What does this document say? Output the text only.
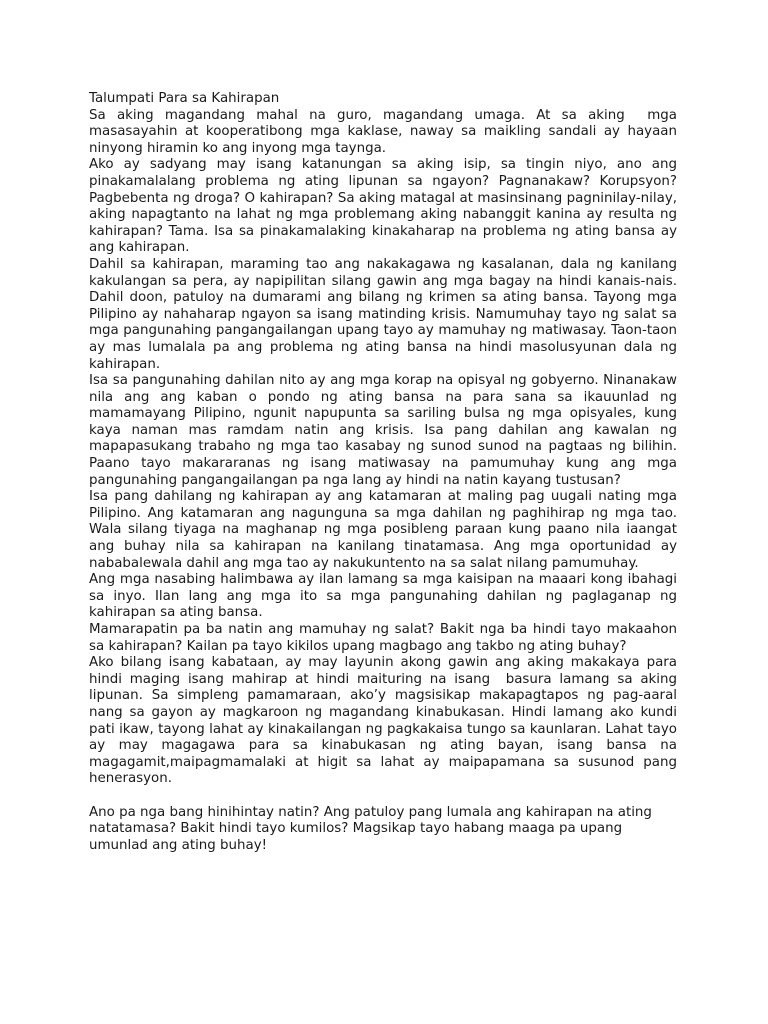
Talumpati Para sa Kahirapan

Sa aking magandang mahal na guro, magandang umaga. At sa aking  mga masasayahin at kooperatibong mga kaklase, naway sa maikling sandali ay hayaan ninyong hiramin ko ang inyong mga taynga.

Ako ay sadyang may isang katanungan sa aking isip, sa tingin niyo, ano ang pinakamalalang problema ng ating lipunan sa ngayon? Pagnanakaw? Korupsyon? Pagbebenta ng droga? O kahirapan? Sa aking matagal at masinsinang pagninilay-nilay, aking napagtanto na lahat ng mga problemang aking nabanggit kanina ay resulta ng kahirapan? Tama. Isa sa pinakamalaking kinakaharap na problema ng ating bansa ay ang kahirapan.

Dahil sa kahirapan, maraming tao ang nakakagawa ng kasalanan, dala ng kanilang kakulangan sa pera, ay napipilitan silang gawin ang mga bagay na hindi kanais-nais. Dahil doon, patuloy na dumarami ang bilang ng krimen sa ating bansa. Tayong mga Pilipino ay nahaharap ngayon sa isang matinding krisis. Namumuhay tayo ng salat sa mga pangunahing pangangailangan upang tayo ay mamuhay ng matiwasay. Taon-taon ay mas lumalala pa ang problema ng ating bansa na hindi masolusyunan dala ng kahirapan.

Isa sa pangunahing dahilan nito ay ang mga korap na opisyal ng gobyerno. Ninanakaw nila ang ang kaban o pondo ng ating bansa na para sana sa ikauunlad ng mamamayang Pilipino, ngunit napupunta sa sariling bulsa ng mga opisyales, kung kaya naman mas ramdam natin ang krisis. Isa pang dahilan ang kawalan ng mapapasukang trabaho ng mga tao kasabay ng sunod sunod na pagtaas ng bilihin. Paano tayo makararanas ng isang matiwasay na pamumuhay kung ang mga pangunahing pangangailangan pa nga lang ay hindi na natin kayang tustusan?

Isa pang dahilang ng kahirapan ay ang katamaran at maling pag uugali nating mga Pilipino. Ang katamaran ang nagunguna sa mga dahilan ng paghihirap ng mga tao. Wala silang tiyaga na maghanap ng mga posibleng paraan kung paano nila iaangat ang buhay nila sa kahirapan na kanilang tinatamasa. Ang mga oportunidad ay nababalewala dahil ang mga tao ay nakukuntento na sa salat nilang pamumuhay.

Ang mga nasabing halimbawa ay ilan lamang sa mga kaisipan na maaari kong ibahagi sa inyo. Ilan lang ang mga ito sa mga pangunahing dahilan ng paglaganap ng kahirapan sa ating bansa.

Mamarapatin pa ba natin ang mamuhay ng salat? Bakit nga ba hindi tayo makaahon sa kahirapan? Kailan pa tayo kikilos upang magbago ang takbo ng ating buhay?

Ako bilang isang kabataan, ay may layunin akong gawin ang aking makakaya para hindi maging isang mahirap at hindi maituring na isang  basura lamang sa aking lipunan. Sa simpleng pamamaraan, ako’y magsisikap makapagtapos ng pag-aaral nang sa gayon ay magkaroon ng magandang kinabukasan. Hindi lamang ako kundi pati ikaw, tayong lahat ay kinakailangan ng pagkakaisa tungo sa kaunlaran. Lahat tayo ay may magagawa para sa kinabukasan ng ating bayan, isang bansa na magagamit,maipagmamalaki at higit sa lahat ay maipapamana sa susunod pang henerasyon.

Ano pa nga bang hinihintay natin? Ang patuloy pang lumala ang kahirapan na ating natatamasa? Bakit hindi tayo kumilos? Magsikap tayo habang maaga pa upang umunlad ang ating buhay!
